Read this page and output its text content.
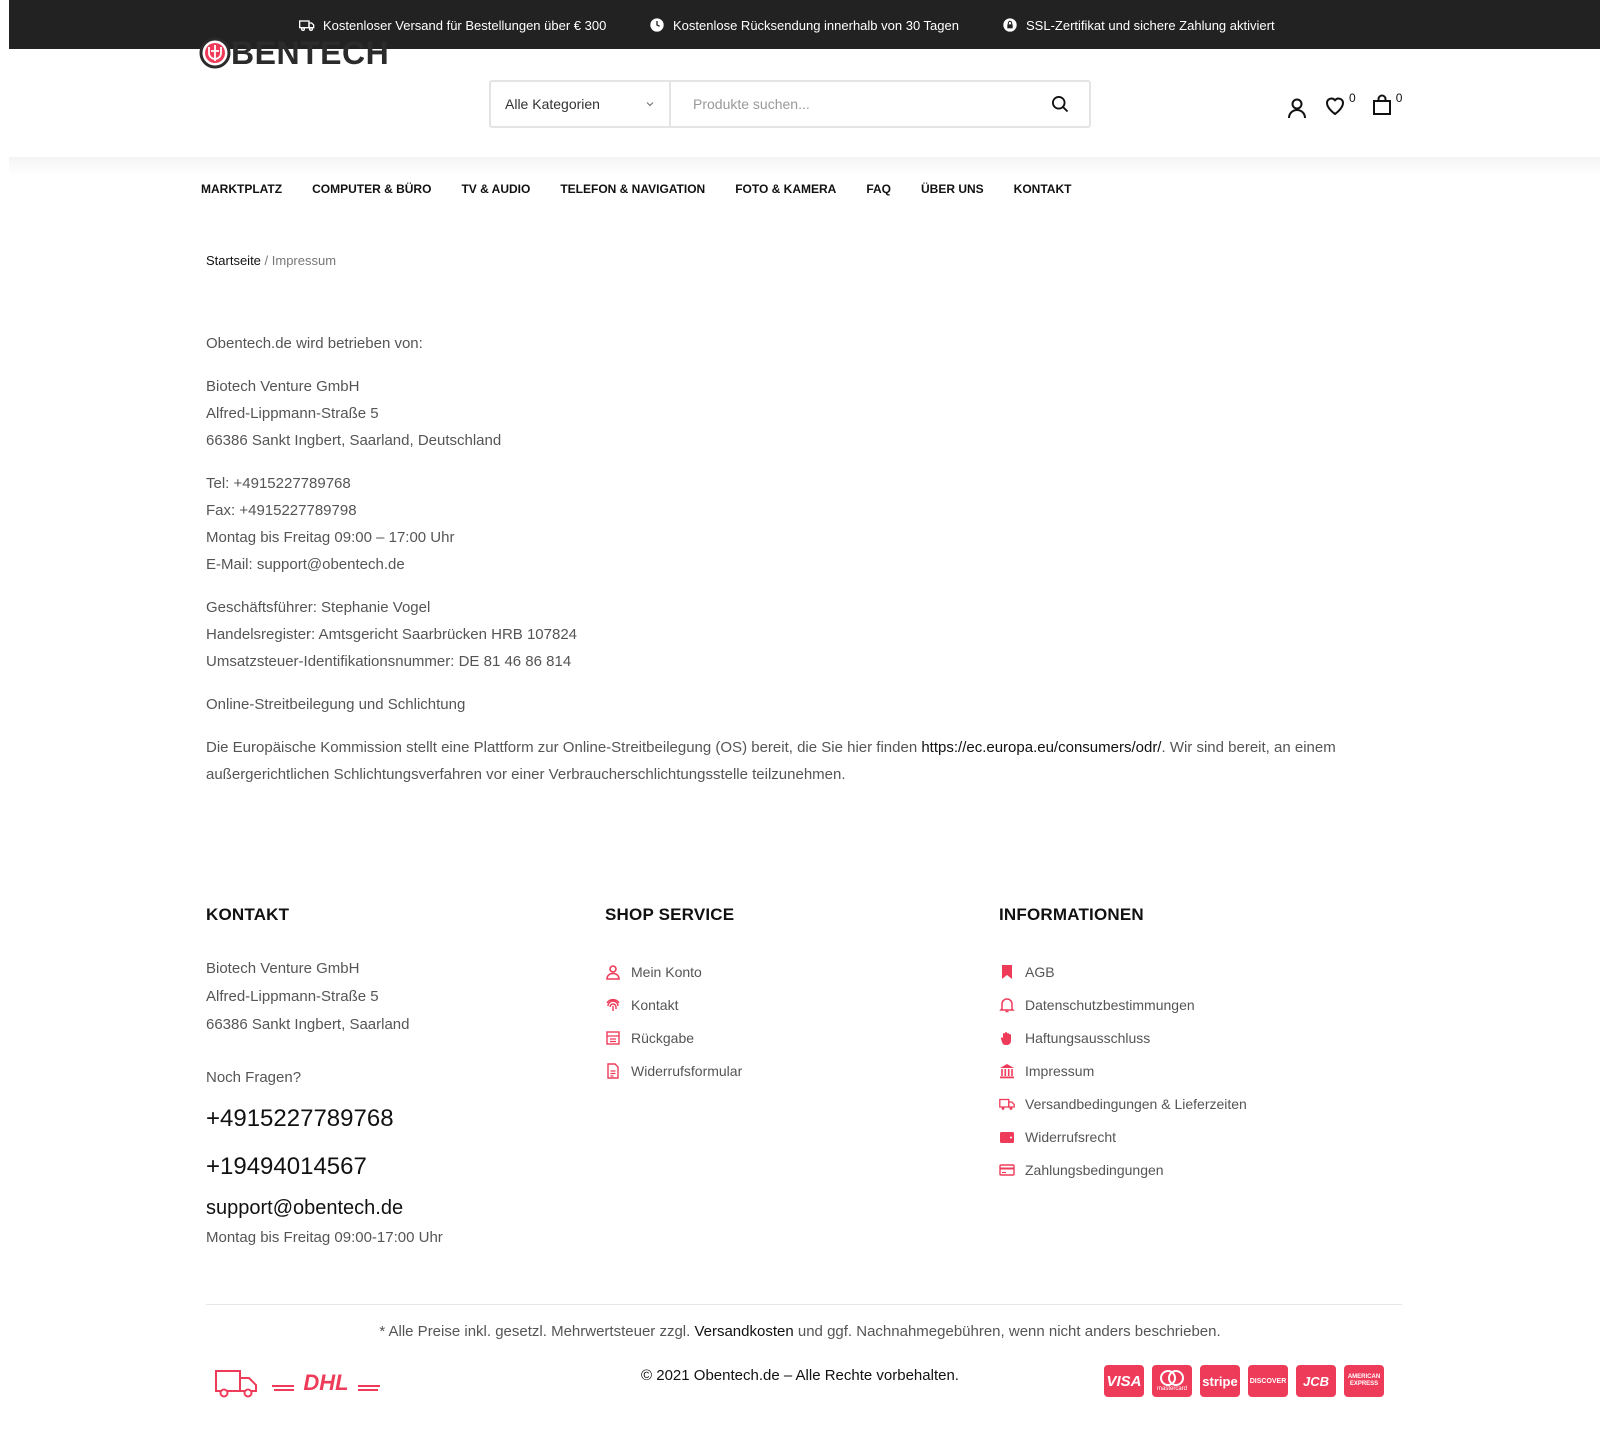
Kostenloser Versand für Bestellungen über € 300	Kostenlose Rücksendung innerhalb von 30 Tagen	SSL-Zertifikat und sichere Zahlung aktiviert
BENTECH
Alle Kategorien
Produkte suchen...	0	0
MARKTPLATZ	COMPUTER & BÜRO	TV & AUDIO	TELEFON & NAVIGATION	FOTO & KAMERA	FAQ	ÜBER UNS	KONTAKT
Startseite / Impressum

Obentech.de wird betrieben von:

Biotech Venture GmbH
Alfred-Lippmann-Straße 5
66386 Sankt Ingbert, Saarland, Deutschland

Tel: +4915227789768
Fax: +4915227789798
Montag bis Freitag 09:00 – 17:00 Uhr
E-Mail: support@obentech.de

Geschäftsführer: Stephanie Vogel
Handelsregister: Amtsgericht Saarbrücken HRB 107824
Umsatzsteuer-Identifikationsnummer: DE 81 46 86 814

Online-Streitbeilegung und Schlichtung

Die Europäische Kommission stellt eine Plattform zur Online-Streitbeilegung (OS) bereit, die Sie hier finden https://ec.europa.eu/consumers/odr/. Wir sind bereit, an einem außergerichtlichen Schlichtungsverfahren vor einer Verbraucherschlichtungsstelle teilzunehmen.

KONTAKT
Biotech Venture GmbH
Alfred-Lippmann-Straße 5
66386 Sankt Ingbert, Saarland
Noch Fragen?
+4915227789768
+19494014567
support@obentech.de
Montag bis Freitag 09:00-17:00 Uhr
SHOP SERVICE
Mein Konto
Kontakt
Rückgabe
Widerrufsformular
INFORMATIONEN
AGB
Datenschutzbestimmungen
Haftungsausschluss
Impressum
Versandbedingungen & Lieferzeiten
Widerrufsrecht
Zahlungsbedingungen
* Alle Preise inkl. gesetzl. Mehrwertsteuer zzgl. Versandkosten und ggf. Nachnahmegebühren, wenn nicht anders beschrieben.
DHL	© 2021 Obentech.de – Alle Rechte vorbehalten.	VISA	mastercard
stripe	DISCOVER	JCB	AMERICAN EXPRESS
